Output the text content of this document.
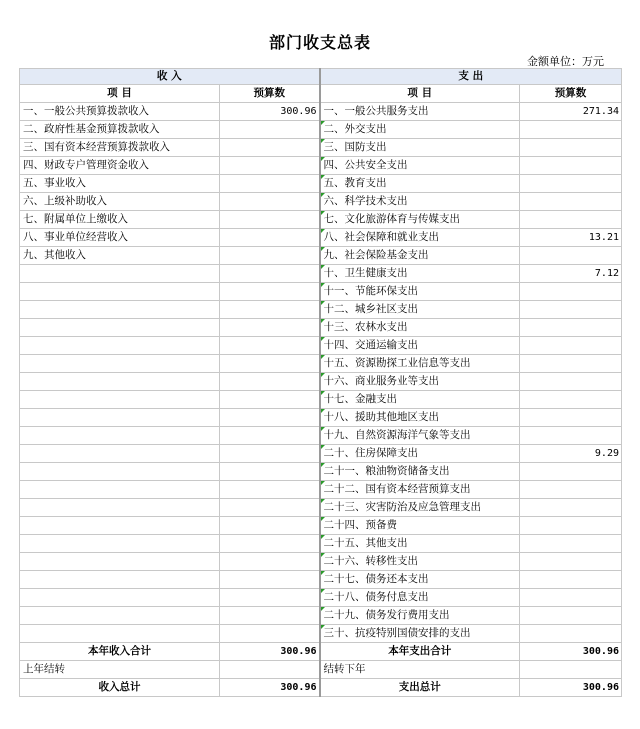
部门收支总表
金额单位：万元
收 入		支 出	
项 目	预算数	项 目	预算数
一、一般公共预算拨款收入	300.96	一、一般公共服务支出	271.34
二、政府性基金预算拨款收入		二、外交支出

三、国有资本经营预算拨款收入		三、国防支出

四、财政专户管理资金收入		四、公共安全支出

五、事业收入		五、教育支出

六、上级补助收入		六、科学技术支出

七、附属单位上缴收入		七、文化旅游体育与传媒支出

八、事业单位经营收入		八、社会保障和就业支出	13.21
九、其他收入		九、社会保险基金支出

		十、卫生健康支出	7.12
		十一、节能环保支出

		十二、城乡社区支出

		十三、农林水支出

		十四、交通运输支出

		十五、资源勘探工业信息等支出

		十六、商业服务业等支出

		十七、金融支出

		十八、援助其他地区支出

		十九、自然资源海洋气象等支出

		二十、住房保障支出	9.29
		二十一、粮油物资储备支出

		二十二、国有资本经营预算支出

		二十三、灾害防治及应急管理支出

		二十四、预备费

		二十五、其他支出

		二十六、转移性支出

		二十七、债务还本支出

		二十八、债务付息支出

		二十九、债务发行费用支出

		三十、抗疫特别国债安排的支出

本年收入合计	300.96	本年支出合计	300.96
上年结转		结转下年	
收入总计	300.96	支出总计	300.96
